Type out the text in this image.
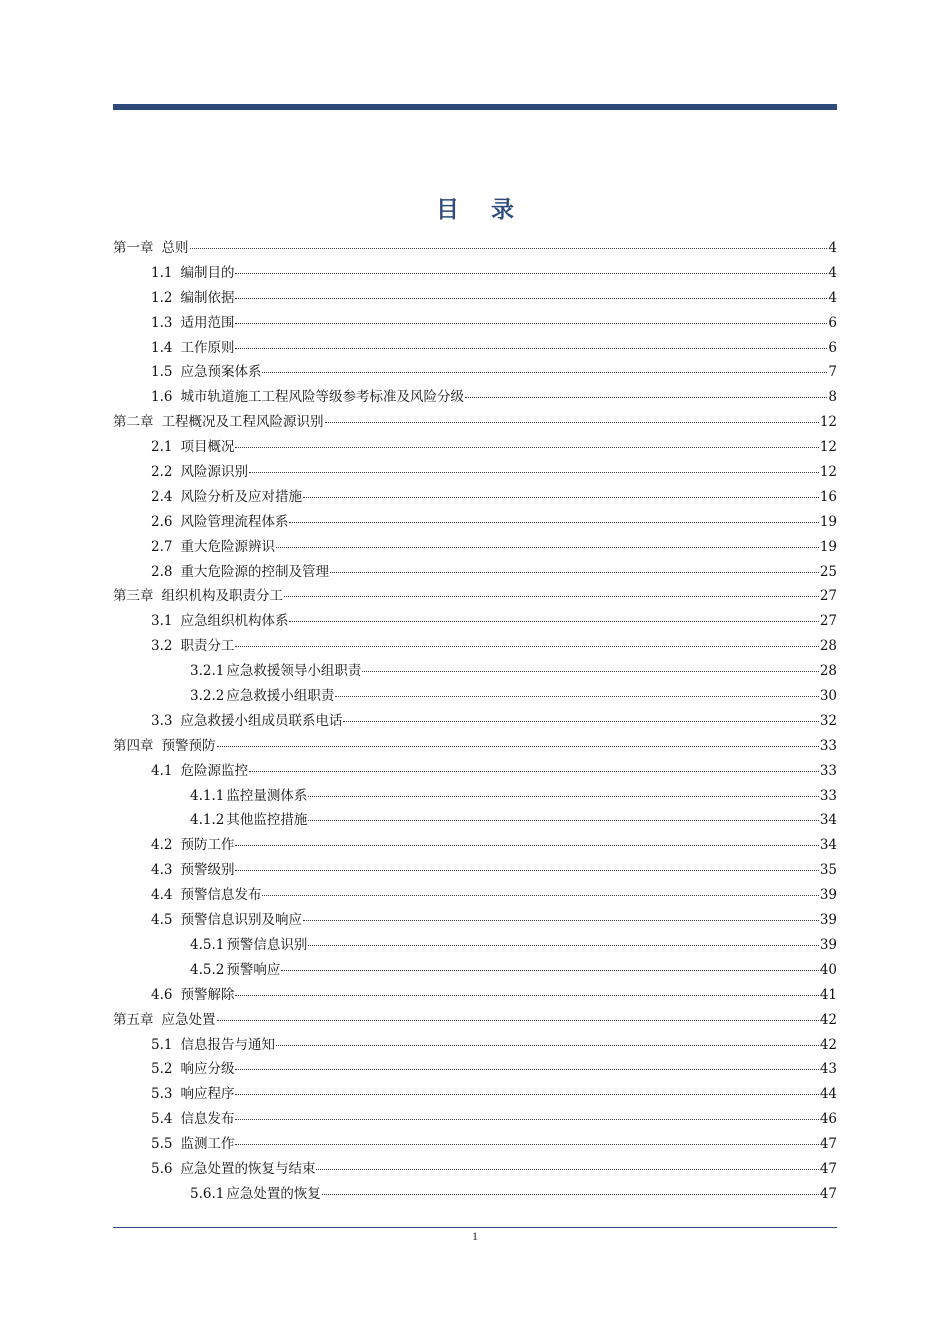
目 录
第一章 总则	4
1.1 编制目的	4
1.2 编制依据	4
1.3 适用范围	6
1.4 工作原则	6
1.5 应急预案体系	7
1.6 城市轨道施工工程风险等级参考标准及风险分级	8
第二章 工程概况及工程风险源识别	12
2.1 项目概况	12
2.2 风险源识别	12
2.4 风险分析及应对措施	16
2.6 风险管理流程体系	19
2.7 重大危险源辨识	19
2.8 重大危险源的控制及管理	25
第三章 组织机构及职责分工	27
3.1 应急组织机构体系	27
3.2 职责分工	28
3.2.1 应急救援领导小组职责	28
3.2.2 应急救援小组职责	30
3.3 应急救援小组成员联系电话	32
第四章 预警预防	33
4.1 危险源监控	33
4.1.1 监控量测体系	33
4.1.2 其他监控措施	34
4.2 预防工作	34
4.3 预警级别	35
4.4 预警信息发布	39
4.5 预警信息识别及响应	39
4.5.1 预警信息识别	39
4.5.2 预警响应	40
4.6 预警解除	41
第五章 应急处置	42
5.1 信息报告与通知	42
5.2 响应分级	43
5.3 响应程序	44
5.4 信息发布	46
5.5 监测工作	47
5.6 应急处置的恢复与结束	47
5.6.1 应急处置的恢复	47
1
